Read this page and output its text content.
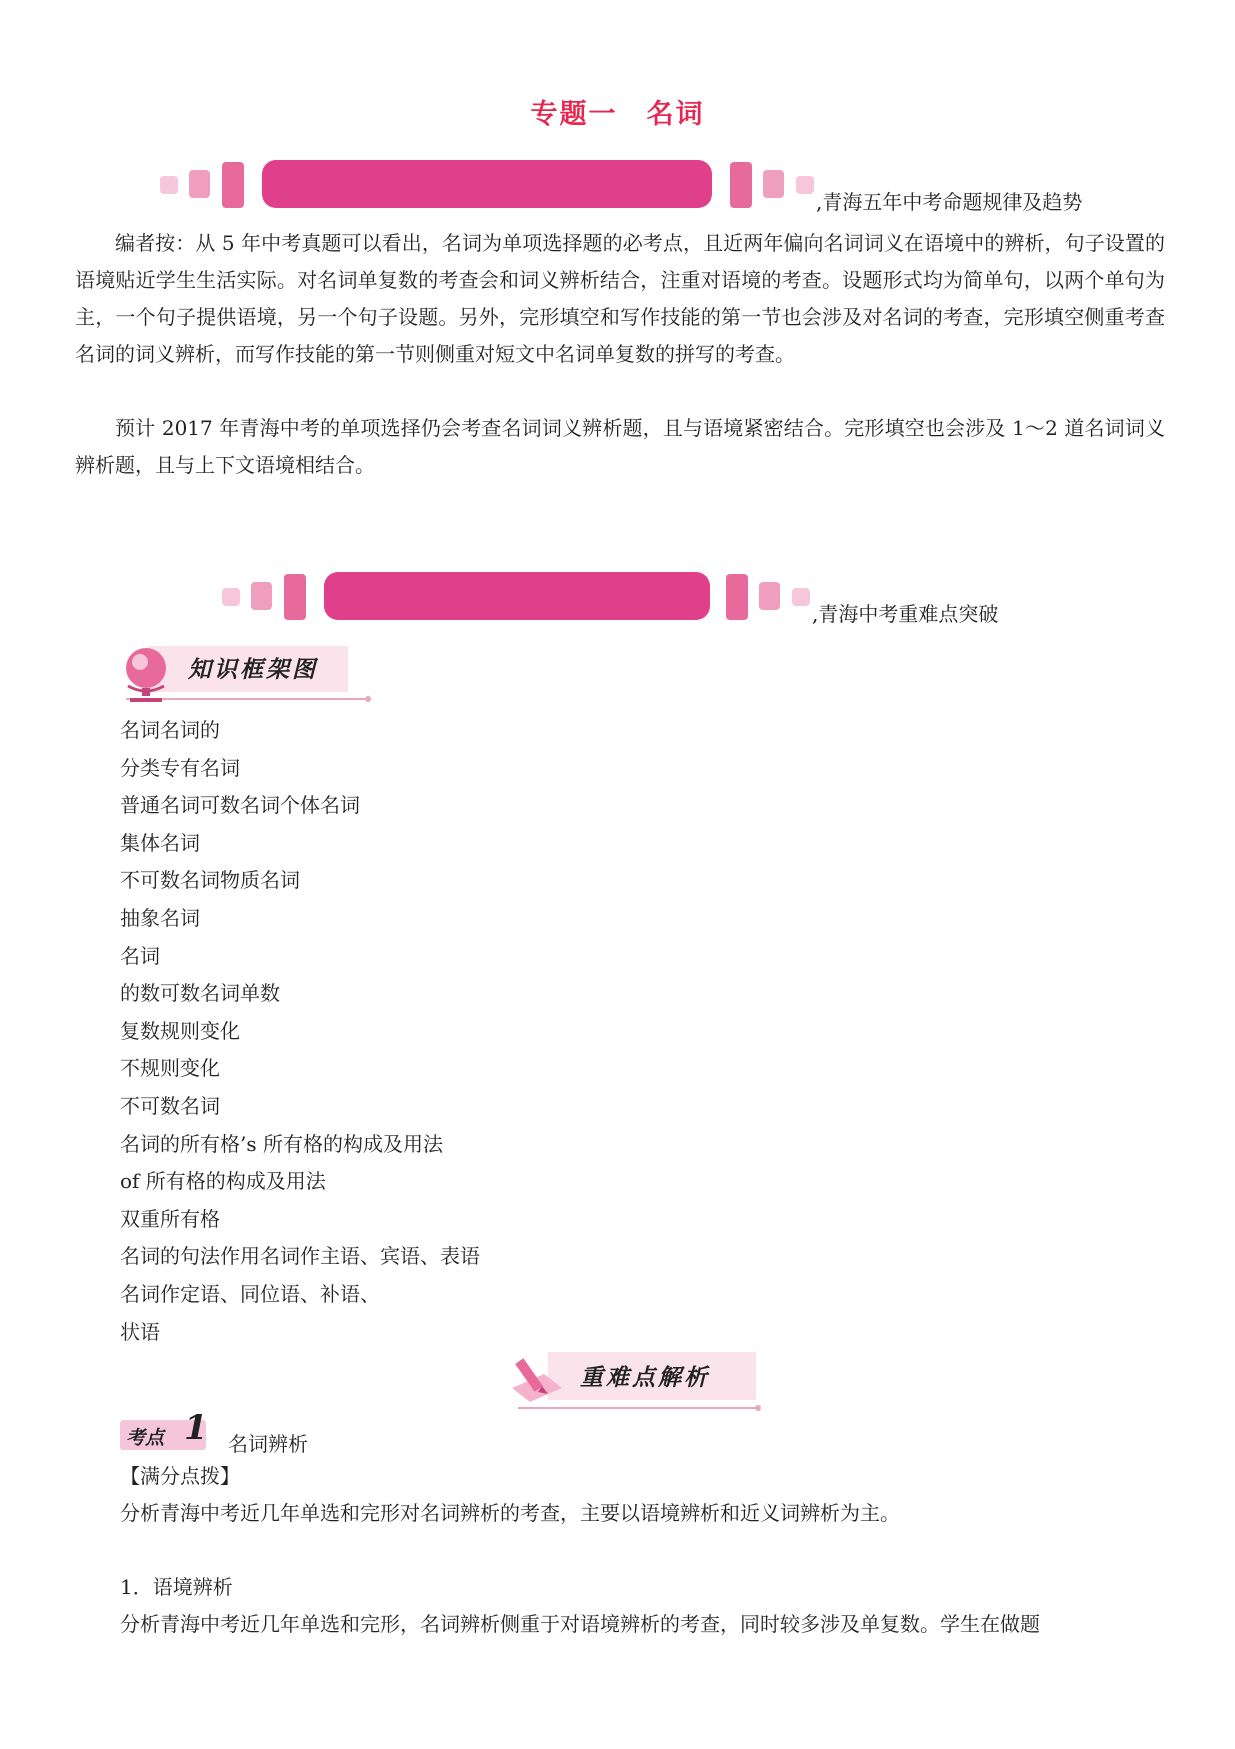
专题一　名词
,青海五年中考命题规律及趋势

编者按：从 5 年中考真题可以看出，名词为单项选择题的必考点，且近两年偏向名词词义在语境中的辨析，句子设置的语境贴近学生生活实际。对名词单复数的考查会和词义辨析结合，注重对语境的考查。设题形式均为简单句，以两个单句为主，一个句子提供语境，另一个句子设题。另外，完形填空和写作技能的第一节也会涉及对名词的考查，完形填空侧重考查名词的词义辨析，而写作技能的第一节则侧重对短文中名词单复数的拼写的考查。

预计 2017 年青海中考的单项选择仍会考查名词词义辨析题，且与语境紧密结合。完形填空也会涉及 1～2 道名词词义辨析题，且与上下文语境相结合。

,青海中考重难点突破
知识框架图
名词名词的
分类专有名词
普通名词可数名词个体名词
集体名词
不可数名词物质名词
抽象名词
名词
的数可数名词单数
复数规则变化
不规则变化
不可数名词
名词的所有格’s 所有格的构成及用法
of 所有格的构成及用法
双重所有格
名词的句法作用名词作主语、宾语、表语
名词作定语、同位语、补语、
状语
重难点解析
考点 1 名词辨析
【满分点拨】
分析青海中考近几年单选和完形对名词辨析的考查，主要以语境辨析和近义词辨析为主。
1．语境辨析
分析青海中考近几年单选和完形，名词辨析侧重于对语境辨析的考查，同时较多涉及单复数。学生在做题
